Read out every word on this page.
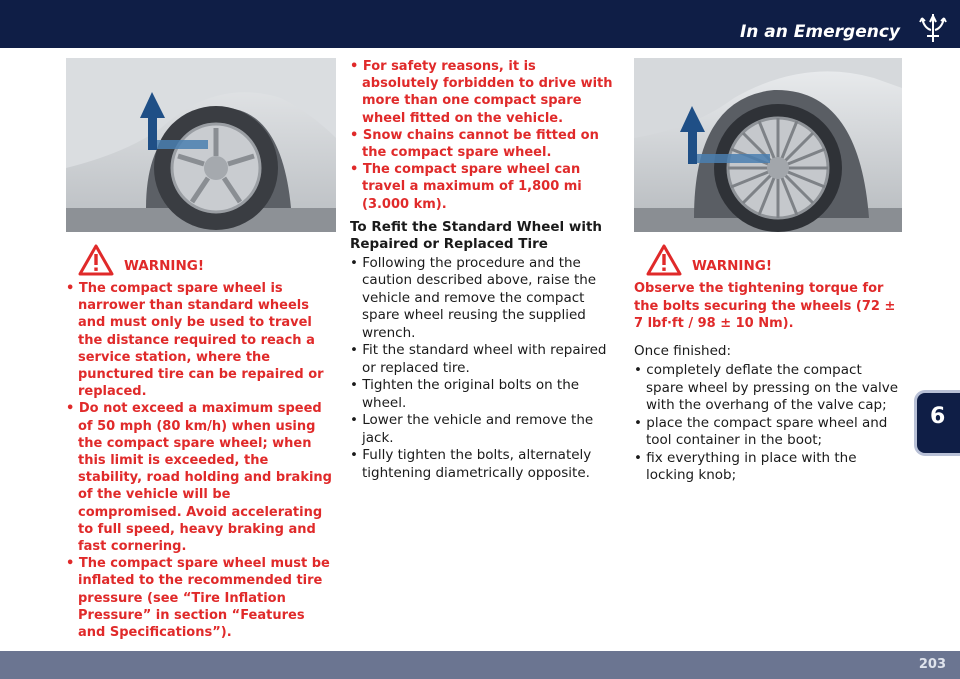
In an Emergency
WARNING!
• The compact spare wheel is narrower than standard wheels and must only be used to travel the distance required to reach a service station, where the punctured tire can be repaired or replaced.
• Do not exceed a maximum speed of 50 mph (80 km/h) when using the compact spare wheel; when this limit is exceeded, the stability, road holding and braking of the vehicle will be compromised. Avoid accelerating to full speed, heavy braking and fast cornering.
• The compact spare wheel must be inflated to the recommended tire pressure (see “Tire Inflation Pressure” in section “Features and Specifications”).
• For safety reasons, it is absolutely forbidden to drive with more than one compact spare wheel fitted on the vehicle.
• Snow chains cannot be fitted on the compact spare wheel.
• The compact spare wheel can travel a maximum of 1,800 mi (3.000 km).
To Refit the Standard Wheel with Repaired or Replaced Tire
• Following the procedure and the caution described above, raise the vehicle and remove the compact spare wheel reusing the supplied wrench.
• Fit the standard wheel with repaired or replaced tire.
• Tighten the original bolts on the wheel.
• Lower the vehicle and remove the jack.
• Fully tighten the bolts, alternately tightening diametrically opposite.
WARNING!

Observe the tightening torque for the bolts securing the wheels (72 ± 7 lbf·ft / 98 ± 10 Nm).

Once finished:

• completely deflate the compact spare wheel by pressing on the valve with the overhang of the valve cap;
• place the compact spare wheel and tool container in the boot;
• fix everything in place with the locking knob;
6
203
